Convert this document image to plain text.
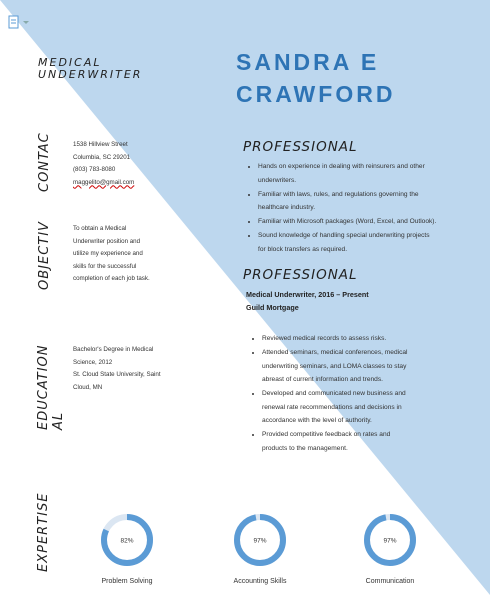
MEDICAL
UNDERWRITER	SANDRA E
CRAWFORD
CONTAC	1538 Hillview Street
Columbia, SC 29201
(803) 783-8080
maggelito@gmail.com
OBJECTIV	To obtain a Medical
Underwriter position and
utilize my experience and
skills for the successful
completion of each job task.
EDUCATION AL
Bachelor's Degree in Medical
Science, 2012
St. Cloud State University, Saint
Cloud, MN
PROFESSIONAL
• Hands on experience in dealing with reinsurers and other
underwriters.
• Familiar with laws, rules, and regulations governing the
healthcare industry.
• Familiar with Microsoft packages (Word, Excel, and Outlook).
• Sound knowledge of handling special underwriting projects
for block transfers as required.
PROFESSIONAL
Medical Underwriter, 2016 – Present
Guild Mortgage
• Reviewed medical records to assess risks.
• Attended seminars, medical conferences, medical
underwriting seminars, and LOMA classes to stay
abreast of current information and trends.
• Developed and communicated new business and
renewal rate recommendations and decisions in
accordance with the level of authority.
• Provided competitive feedback on rates and
products to the management.
EXPERTISE	82%
Problem Solving
97%
Accounting Skills
97%
Communication
